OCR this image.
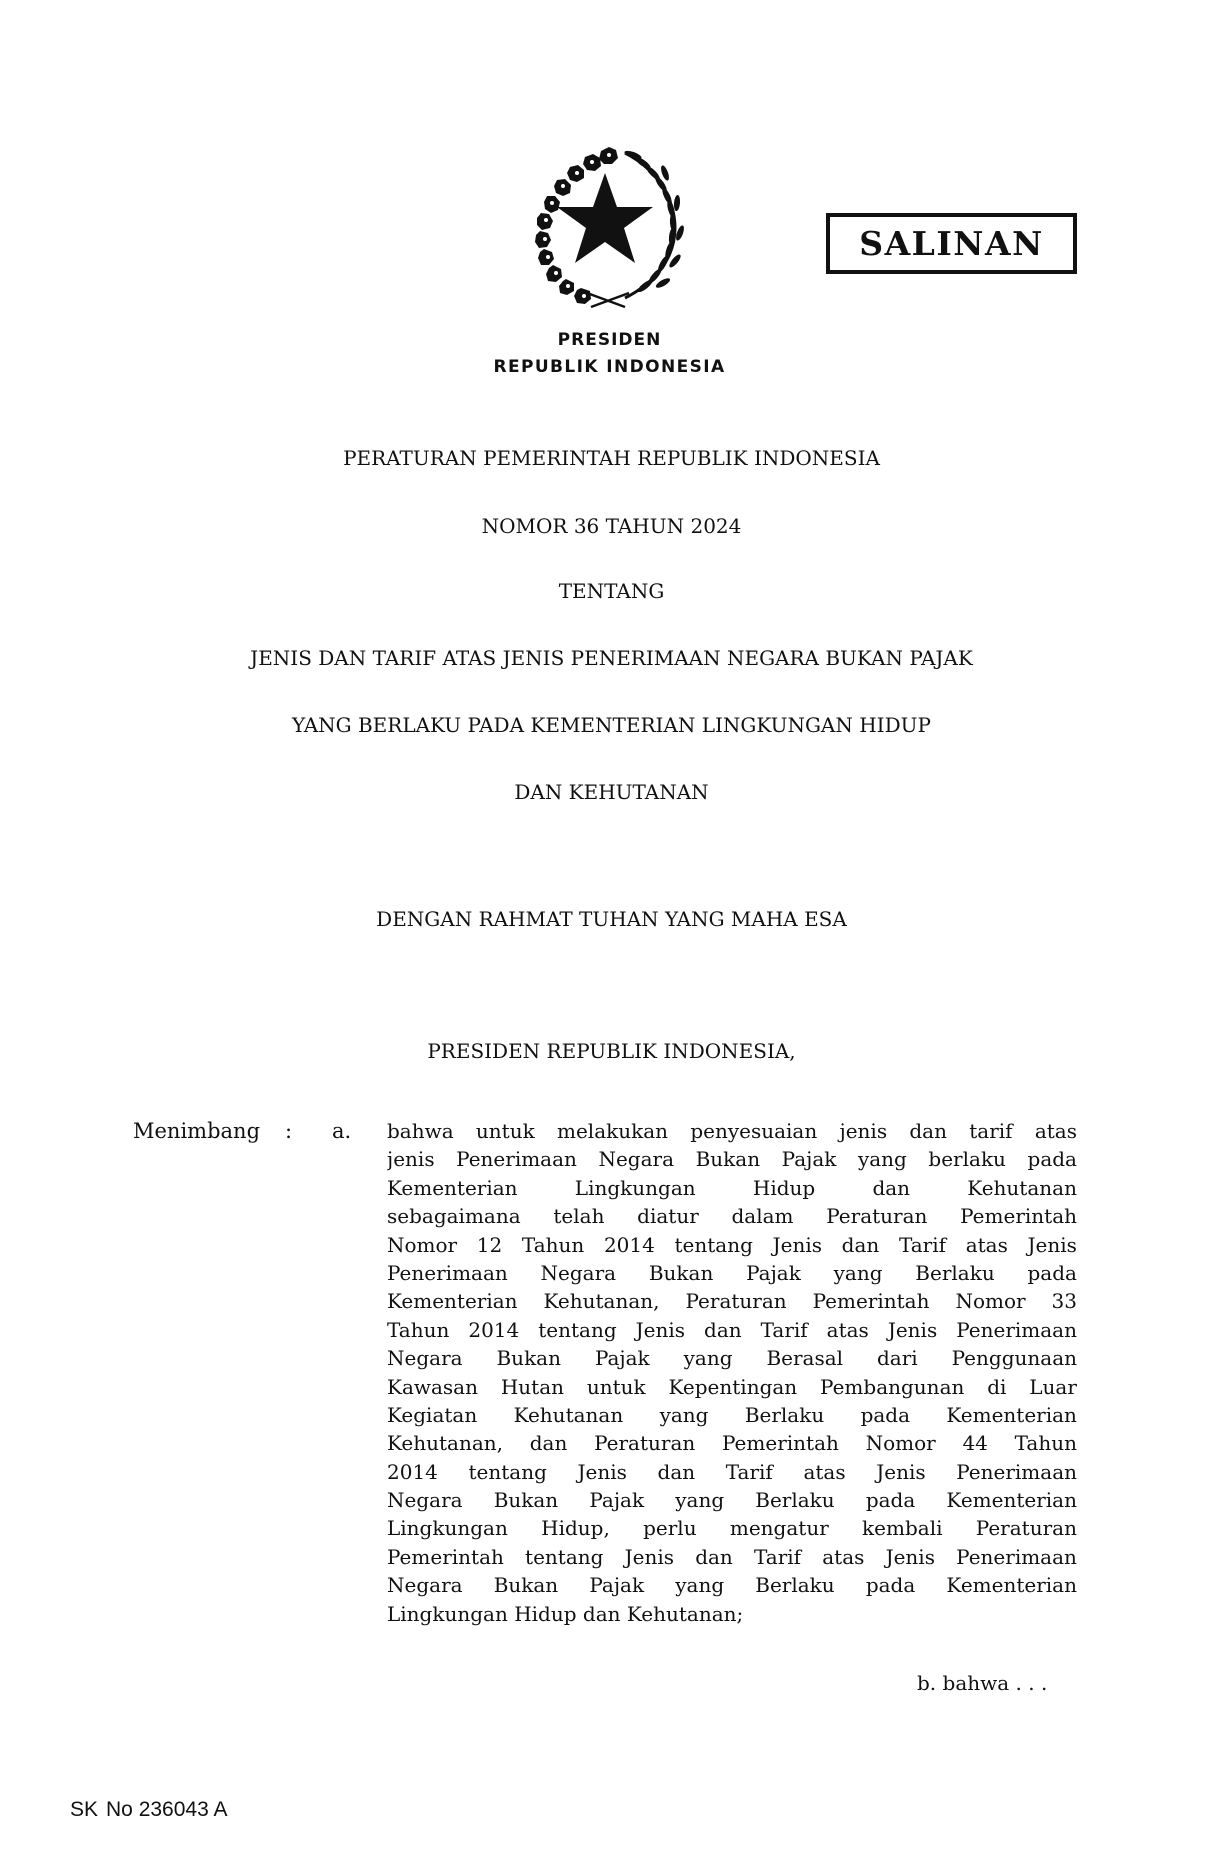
PRESIDEN
REPUBLIK INDONESIA
SALINAN
PERATURAN PEMERINTAH REPUBLIK INDONESIA
NOMOR 36 TAHUN 2024
TENTANG
JENIS DAN TARIF ATAS JENIS PENERIMAAN NEGARA BUKAN PAJAK
YANG BERLAKU PADA KEMENTERIAN LINGKUNGAN HIDUP
DAN KEHUTANAN
DENGAN RAHMAT TUHAN YANG MAHA ESA
PRESIDEN REPUBLIK INDONESIA,
Menimbang : a. bahwa untuk melakukan penyesuaian jenis dan tarif atas
jenis Penerimaan Negara Bukan Pajak yang berlaku pada
Kementerian	Lingkungan	Hidup	dan	Kehutanan
sebagaimana telah diatur dalam Peraturan Pemerintah
Nomor 12 Tahun 2014 tentang Jenis dan Tarif atas Jenis
Penerimaan Negara Bukan Pajak yang Berlaku pada
Kementerian Kehutanan, Peraturan Pemerintah Nomor 33
Tahun 2014 tentang Jenis dan Tarif atas Jenis Penerimaan
Negara Bukan Pajak yang Berasal dari Penggunaan
Kawasan Hutan untuk Kepentingan Pembangunan di Luar
Kegiatan Kehutanan yang Berlaku pada Kementerian
Kehutanan, dan Peraturan Pemerintah Nomor 44 Tahun
2014 tentang Jenis dan Tarif atas Jenis Penerimaan
Negara Bukan Pajak yang Berlaku pada Kementerian
Lingkungan Hidup, perlu mengatur kembali Peraturan
Pemerintah tentang Jenis dan Tarif atas Jenis Penerimaan
Negara Bukan Pajak yang Berlaku pada Kementerian
Lingkungan Hidup dan Kehutanan;
b. bahwa . . .
SK No 236043 A
